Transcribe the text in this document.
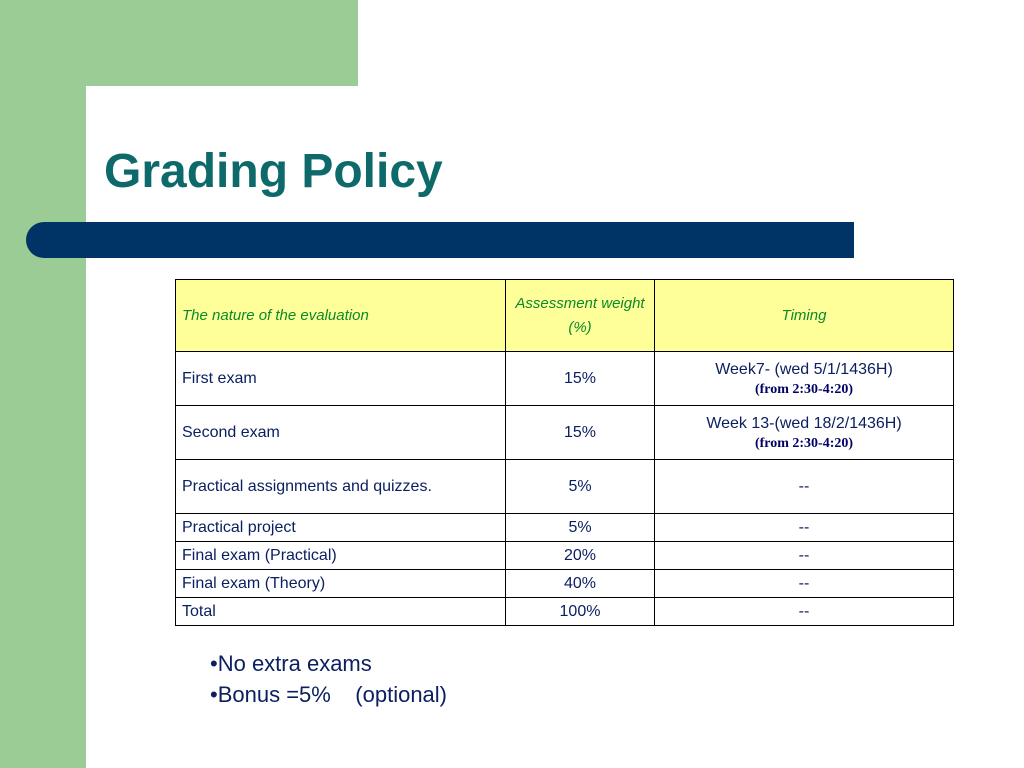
Grading Policy
The nature of the evaluation	Assessment weight (%)	Timing
First exam	15%	Week7- (wed 5/1/1436H)
(from 2:30-4:20)

Second exam	15%	Week 13-(wed 18/2/1436H)
(from 2:30-4:20)

Practical assignments and quizzes.	5%	--
Practical project	5%	--
Final exam (Practical)	20%	--
Final exam (Theory)	40%	--
Total	100%	--
•No extra exams
•Bonus =5%    (optional)
